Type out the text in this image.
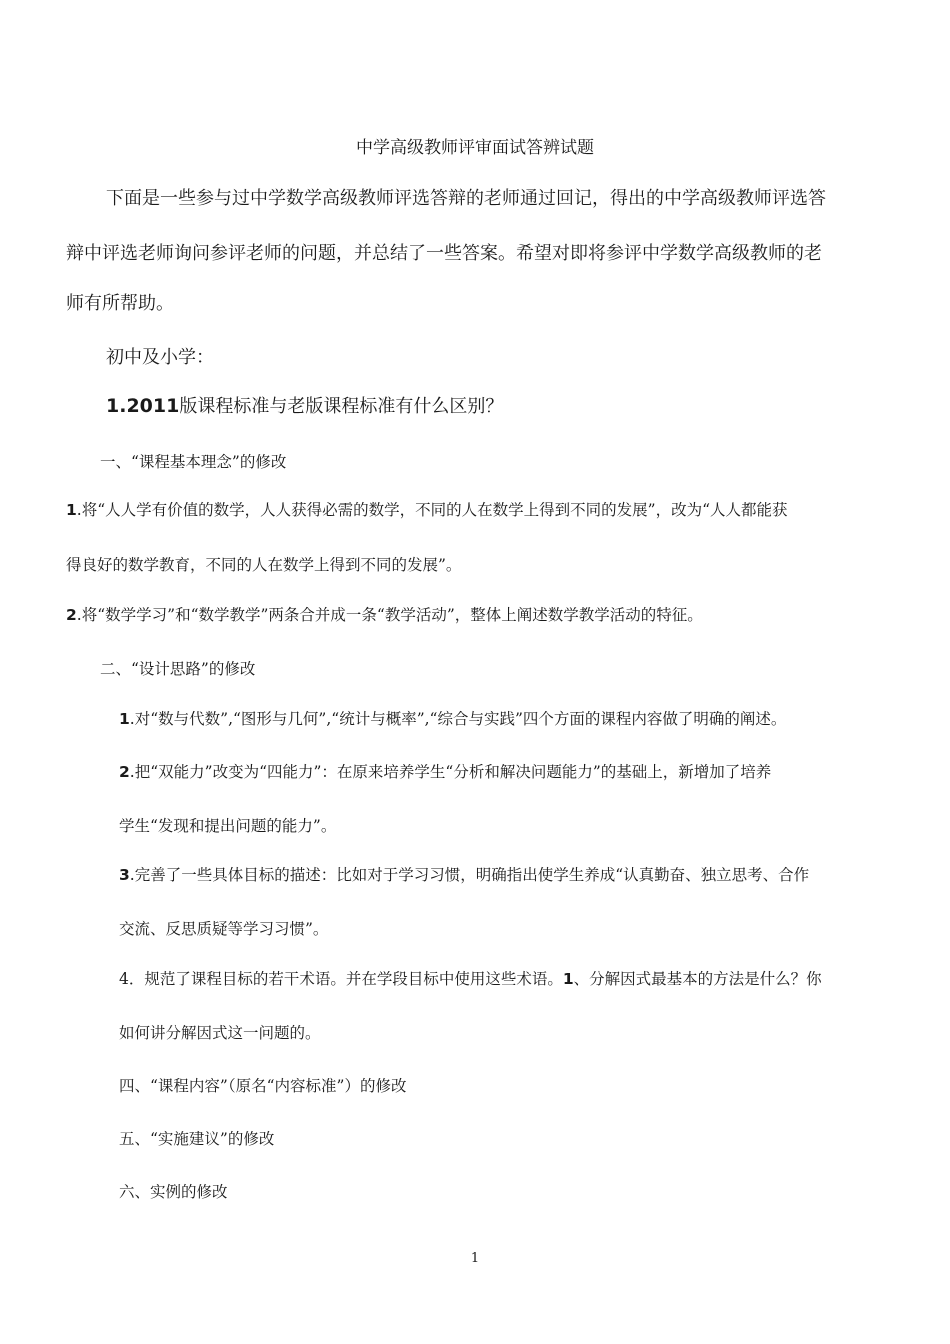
中学高级教师评审面试答辨试题
下面是一些参与过中学数学高级教师评选答辩的老师通过回记，得出的中学高级教师评选答
辩中评选老师询问参评老师的问题，并总结了一些答案。希望对即将参评中学数学高级教师的老
师有所帮助。
初中及小学：
1.2011版课程标准与老版课程标准有什么区别？
一、“课程基本理念”的修改
1.将“人人学有价值的数学，人人获得必需的数学，不同的人在数学上得到不同的发展”，改为“人人都能获
得良好的数学教育，不同的人在数学上得到不同的发展”。
2.将“数学学习”和“数学教学”两条合并成一条“教学活动”，整体上阐述数学教学活动的特征。
二、“设计思路”的修改
1.对“数与代数”,“图形与几何”,“统计与概率”,“综合与实践”四个方面的课程内容做了明确的阐述。
2.把“双能力”改变为“四能力”：在原来培养学生“分析和解决问题能力”的基础上，新增加了培养
学生“发现和提出问题的能力”。
3.完善了一些具体目标的描述：比如对于学习习惯，明确指出使学生养成“认真勤奋、独立思考、合作
交流、反思质疑等学习习惯”。
4．规范了课程目标的若干术语。并在学段目标中使用这些术语。1、分解因式最基本的方法是什么？你
如何讲分解因式这一问题的。
四、“课程内容”（原名“内容标准”）的修改
五、“实施建议”的修改
六、实例的修改
1
